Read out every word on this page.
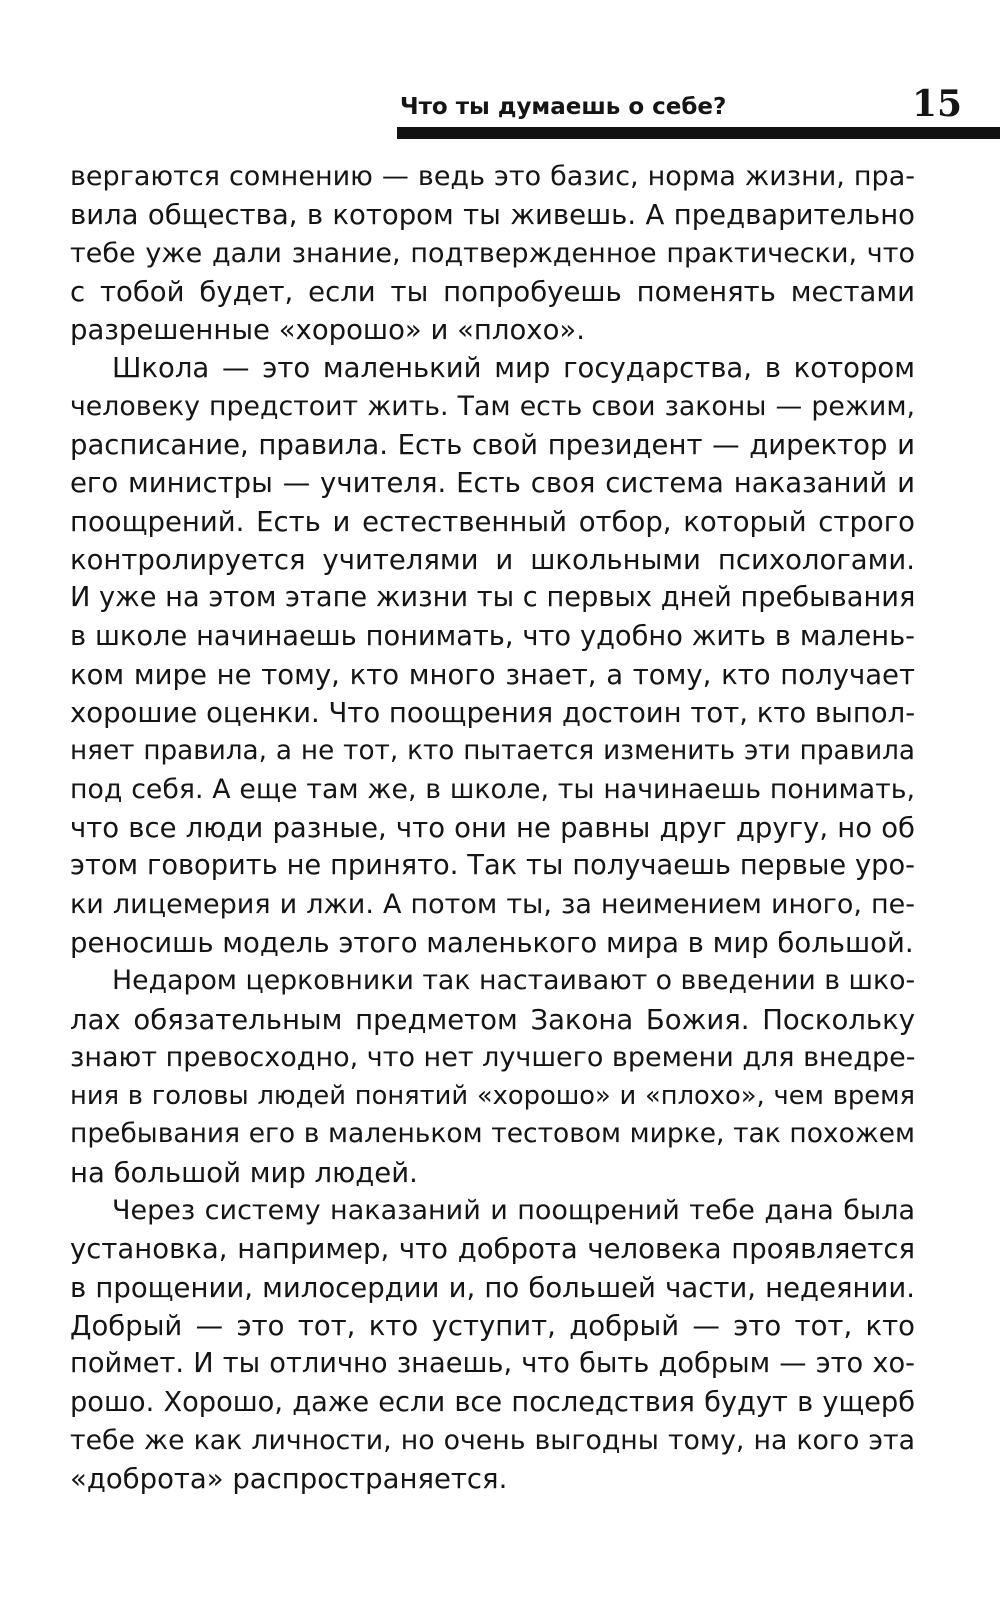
Что ты думаешь о себе?	15
вергаются сомнению — ведь это базис, норма жизни, пра-
вила общества, в котором ты живешь. А предварительно
тебе уже дали знание, подтвержденное практически, что
с тобой будет, если ты попробуешь поменять местами
разрешенные «хорошо» и «плохо».
Школа — это маленький мир государства, в котором
человеку предстоит жить. Там есть свои законы — режим,
расписание, правила. Есть свой президент — директор и
его министры — учителя. Есть своя система наказаний и
поощрений. Есть и естественный отбор, который строго
контролируется учителями и школьными психологами.
И уже на этом этапе жизни ты с первых дней пребывания
в школе начинаешь понимать, что удобно жить в малень-
ком мире не тому, кто много знает, а тому, кто получает
хорошие оценки. Что поощрения достоин тот, кто выпол-
няет правила, а не тот, кто пытается изменить эти правила
под себя. А еще там же, в школе, ты начинаешь понимать,
что все люди разные, что они не равны друг другу, но об
этом говорить не принято. Так ты получаешь первые уро-
ки лицемерия и лжи. А потом ты, за неимением иного, пе-
реносишь модель этого маленького мира в мир большой.
Недаром церковники так настаивают о введении в шко-
лах обязательным предметом Закона Божия. Поскольку
знают превосходно, что нет лучшего времени для внедре-
ния в головы людей понятий «хорошо» и «плохо», чем время
пребывания его в маленьком тестовом мирке, так похожем
на большой мир людей.
Через систему наказаний и поощрений тебе дана была
установка, например, что доброта человека проявляется
в прощении, милосердии и, по большей части, недеянии.
Добрый — это тот, кто уступит, добрый — это тот, кто
поймет. И ты отлично знаешь, что быть добрым — это хо-
рошо. Хорошо, даже если все последствия будут в ущерб
тебе же как личности, но очень выгодны тому, на кого эта
«доброта» распространяется.
